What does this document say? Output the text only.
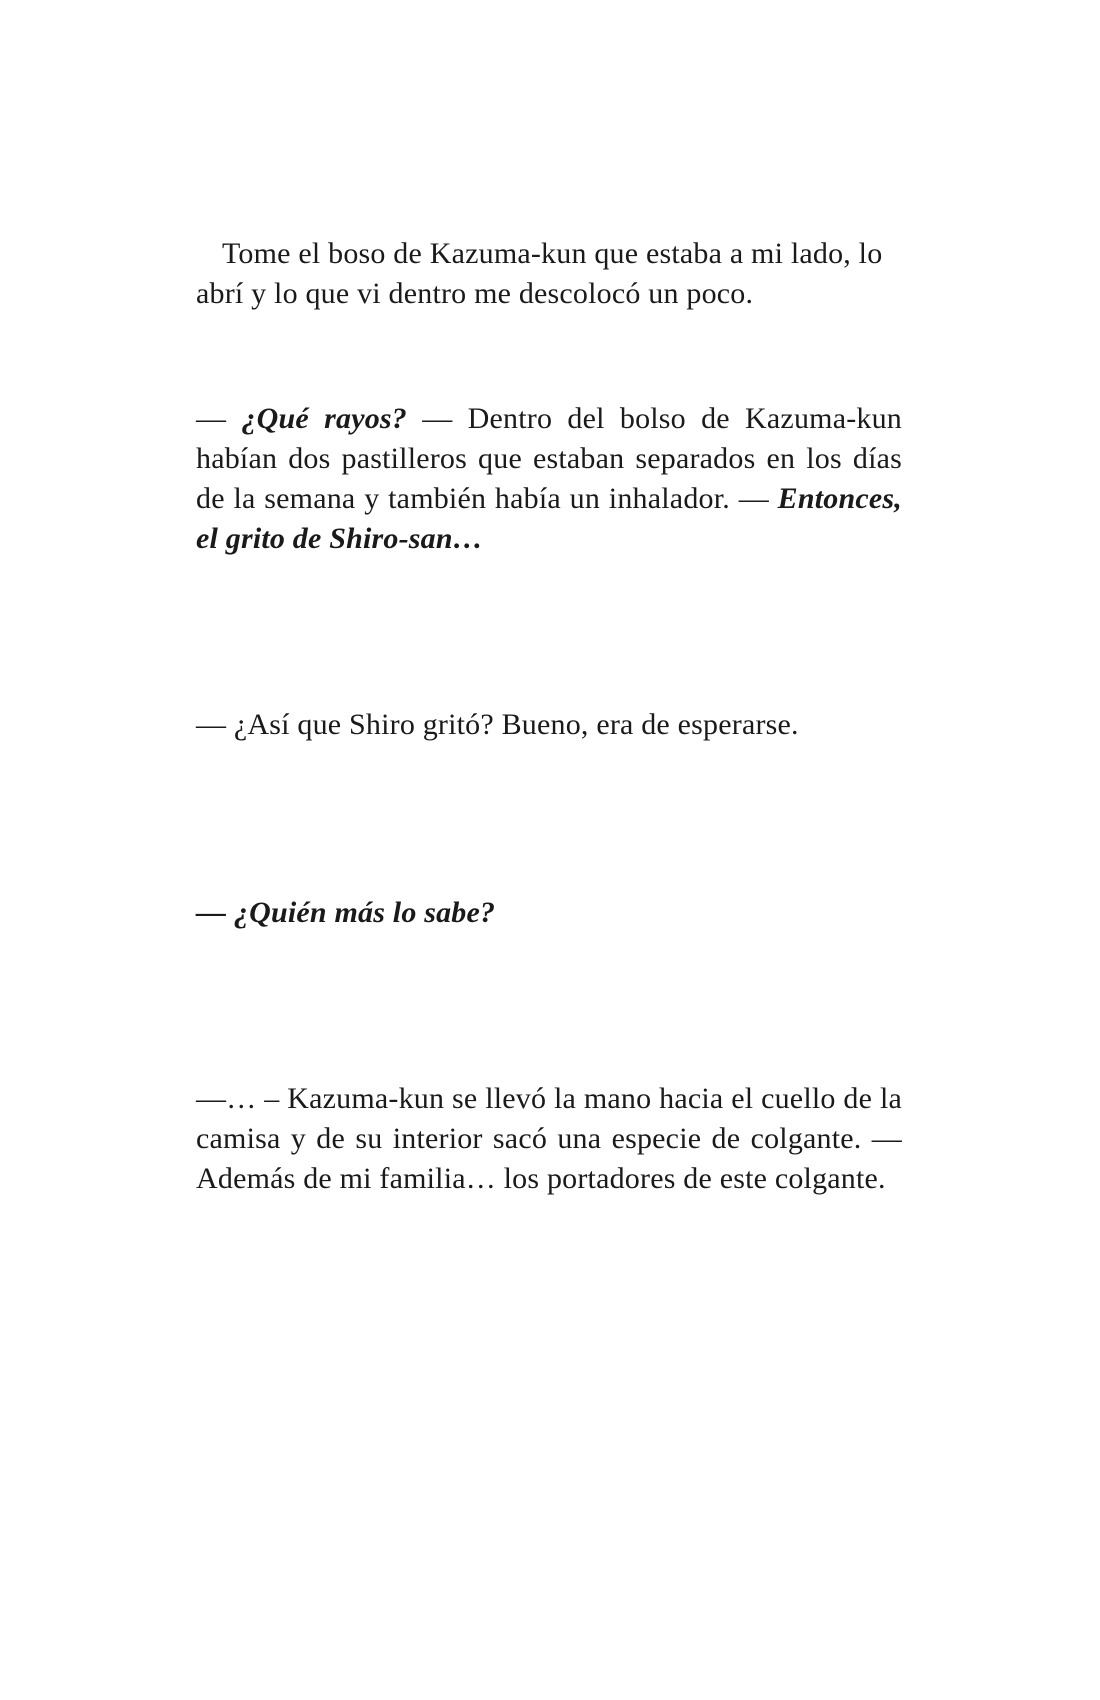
Tome el boso de Kazuma-kun que estaba a mi lado, lo abrí y lo que vi dentro me descolocó un poco.

— ¿Qué rayos? — Dentro del bolso de Kazuma-kun habían dos pastilleros que estaban separados en los días de la semana y también había un inhalador. — Entonces, el grito de Shiro-san…

— ¿Así que Shiro gritó? Bueno, era de esperarse.

— ¿Quién más lo sabe?

—… – Kazuma-kun se llevó la mano hacia el cuello de la camisa y de su interior sacó una especie de colgante. — Además de mi familia… los portadores de este colgante.
